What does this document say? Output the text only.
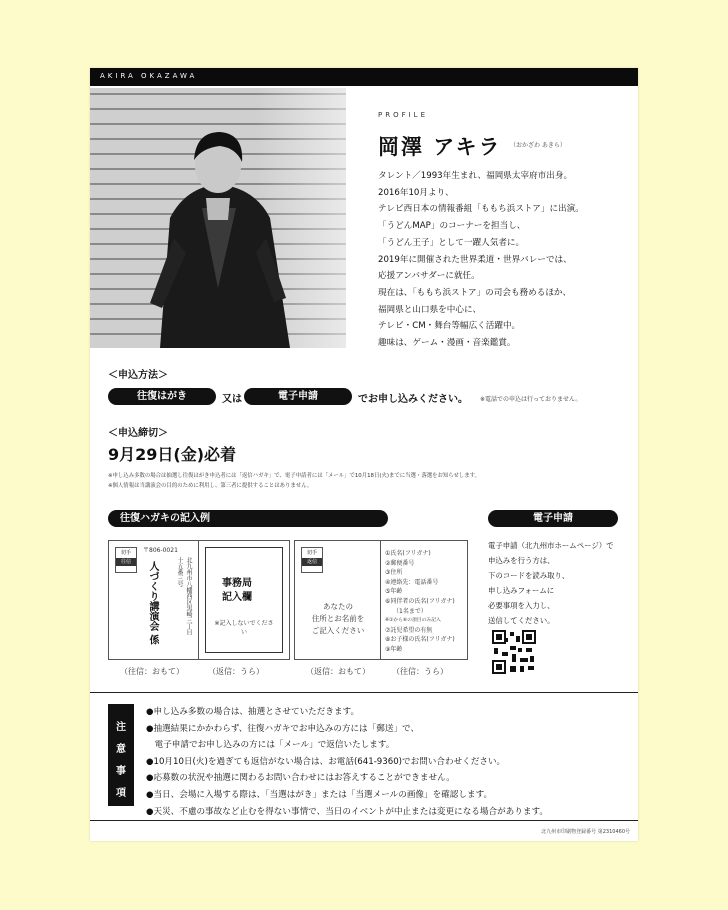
AKIRA OKAZAWA
PROFILE
岡澤 アキラ （おかざわ あきら）
タレント／1993年生まれ、福岡県太宰府市出身。
2016年10月より、
テレビ西日本の情報番組「ももち浜ストア」に出演。
「うどんMAP」のコーナーを担当し、
「うどん王子」として一躍人気者に。
2019年に開催された世界柔道・世界バレーでは、
応援アンバサダーに就任。
現在は、「ももち浜ストア」の司会も務めるほか、
福岡県と山口県を中心に、
テレビ・CM・舞台等幅広く活躍中。
趣味は、ゲーム・漫画・音楽鑑賞。
＜申込方法＞
往復はがき	又は	電子申請	でお申し込みください。 ※電話での申込は行っておりません。
＜申込締切＞
9月29日(金)必着
※申し込み多数の場合は抽選し往復はがき申込者には「返信ハガキ」で、電子申請者には「メール」で10月18日(火)までに当選・落選をお知らせします。
※個人情報は当講演会の目的のために利用し、第三者に提供することはありません。
往復ハガキの記入例
切手
往信
〒806-0021
北九州市八幡西区黒崎三丁目十五番三号
人づくり講演会 係	事務局
記入欄
※記入しないでください
切手
返信
あなたの
住所とお名前を
ご記入ください
①氏名(フリガナ)
②郵便番号
③住所
④連絡先：電話番号
⑤年齢
⑥同伴者の氏名(フリガナ)
（1名まで）
※①から⑥の項目のみ記入
⑦託児希望の有無
⑧お子様の氏名(フリガナ)
⑨年齢
（往信：おもて）	（返信：うら）	（返信：おもて）	（往信：うら）
電子申請
電子申請（北九州市ホームページ）で
申込みを行う方は、
下のコードを読み取り、
申し込みフォームに
必要事項を入力し、
送信してください。
注
意
事
項
●申し込み多数の場合は、抽選とさせていただきます。
●抽選結果にかかわらず、往復ハガキでお申込みの方には「郵送」で、
　電子申請でお申し込みの方には「メール」で返信いたします。
●10月10日(火)を過ぎても返信がない場合は、お電話(641-9360)でお問い合わせください。
●応募数の状況や抽選に関わるお問い合わせにはお答えすることができません。
●当日、会場に入場する際は、「当選はがき」または「当選メールの画像」を確認します。
●天災、不慮の事故など止むを得ない事情で、当日のイベントが中止または変更になる場合があります。
北九州市印刷物登録番号 第2310460号
